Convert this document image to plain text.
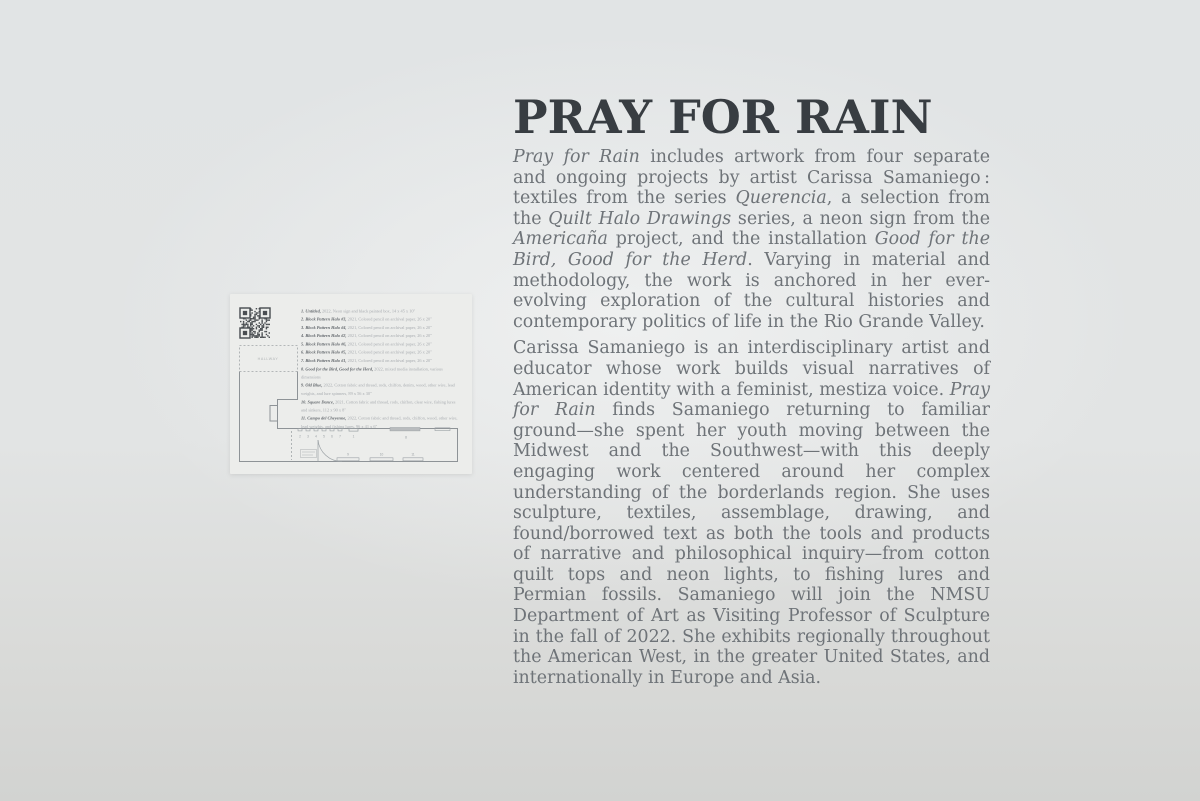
HALLWAY
2 3 4 5 6 7	1	8
9	10	11
1. Untitled, 2022, Neon sign and black painted box, 14 x 45 x 10"
2. Block Pattern Halo #3, 2021, Colored pencil on archival paper, 26 x 20"
3. Block Pattern Halo #4, 2021, Colored pencil on archival paper, 26 x 20"
4. Block Pattern Halo #2, 2021, Colored pencil on archival paper, 26 x 20"
5. Block Pattern Halo #6, 2021, Colored pencil on archival paper, 26 x 20"
6. Block Pattern Halo #5, 2021, Colored pencil on archival paper, 26 x 20"
7. Block Pattern Halo #1, 2021, Colored pencil on archival paper, 26 x 20"
8. Good for the Bird, Good for the Herd, 2022, mixed media installation, various dimensions
9. Old Blue, 2022, Cotton fabric and thread, rods, chiffon, denim, wood, other wire, lead weights, and lure spinners, 89 x 56 x 30"
10. Square Dance, 2021, Cotton fabric and thread, rods, chiffon, clear wire, fishing lures and sinkers, 112 x 90 x 8"
11. Campo del Cheyenne, 2022, Cotton fabric and thread, rods, chiffon, wood, other wire, lead weights, and fishing lures, 96 x 41 x 6"
PRAY FOR RAIN

Pray for Rain includes artwork from four separate and ongoing projects by artist Carissa Samaniego : textiles from the series Querencia, a selection from the Quilt Halo Drawings series, a neon sign from the Americaña project, and the installation Good for the Bird, Good for the Herd. Varying in material and methodology, the work is anchored in her ever-evolving exploration of the cultural histories and contemporary politics of life in the Rio Grande Valley.

Carissa Samaniego is an interdisciplinary artist and educator whose work builds visual narratives of American identity with a feminist, mestiza voice. Pray for Rain finds Samaniego returning to familiar ground—she spent her youth moving between the Midwest and the Southwest—with this deeply engaging work centered around her complex understanding of the borderlands region. She uses sculpture, textiles, assemblage, drawing, and found/borrowed text as both the tools and products of narrative and philosophical inquiry—from cotton quilt tops and neon lights, to fishing lures and Permian fossils. Samaniego will join the NMSU Department of Art as Visiting Professor of Sculpture in the fall of 2022. She exhibits regionally throughout the American West, in the greater United States, and internationally in Europe and Asia.
